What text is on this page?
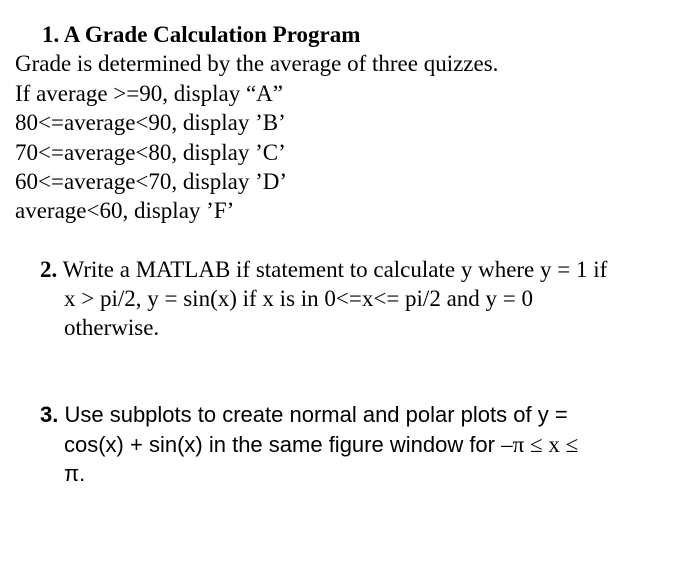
1. A Grade Calculation Program
Grade is determined by the average of three quizzes.
If average >=90, display “A”
80<=average<90, display ’B’
70<=average<80, display ’C’
60<=average<70, display ’D’
average<60, display ’F’
2. Write a MATLAB if statement to calculate y where y = 1 if
x > pi/2, y = sin(x) if x is in 0<=x<= pi/2 and y = 0
otherwise.
3. Use subplots to create normal and polar plots of y =
cos(x) + sin(x) in the same figure window for –π ≤ x ≤
π.
